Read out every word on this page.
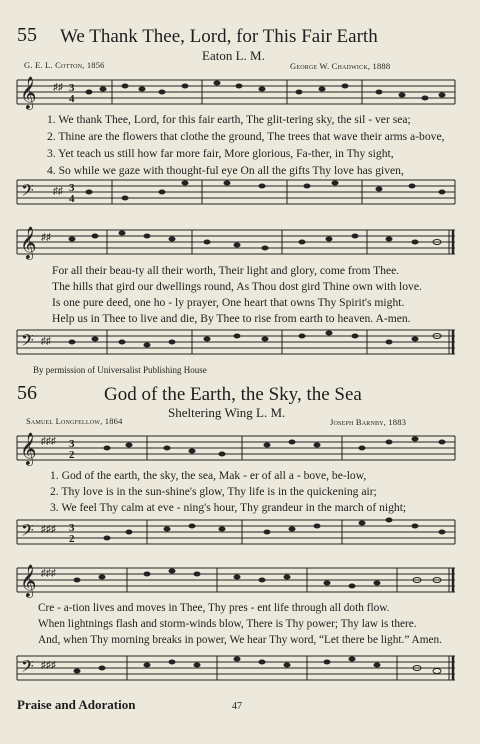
55 We Thank Thee, Lord, for This Fair Earth
Eaton L. M.
G. E. L. Cotton, 1856	George W. Chadwick, 1888
𝄞 ♯♯ 3
4
1. We thank Thee, Lord, for this fair earth, The glit-tering sky, the sil - ver sea;
2. Thine are the flowers that clothe the ground, The trees that wave their arms a-bove,
3. Yet teach us still how far more fair, More glorious, Fa-ther, in Thy sight,
4. So while we gaze with thought-ful eye On all the gifts Thy love has given,
𝄢 ♯♯ 3
4
𝄞 ♯♯
For all their beau-ty all their worth, Their light and glory, come from Thee.
The hills that gird our dwellings round, As Thou dost gird Thine own with love.
Is one pure deed, one ho - ly prayer, One heart that owns Thy Spirit's might.
Help us in Thee to live and die, By Thee to rise from earth to heaven. A-men.
𝄢 ♯♯
By permission of Universalist Publishing House
56	God of the Earth, the Sky, the Sea
Sheltering Wing L. M.
Samuel Longfellow, 1864	Joseph Barnby, 1883
𝄞 ♯♯♯ 3
2
1. God of the earth, the sky, the sea, Mak - er of all a - bove, be-low,
2. Thy love is in the sun-shine's glow, Thy life is in the quickening air;
3. We feel Thy calm at eve - ning's hour, Thy grandeur in the march of night;
𝄢 ♯♯♯ 3
2
𝄞 ♯♯♯
Cre - a-tion lives and moves in Thee, Thy pres - ent life through all doth flow.
When lightnings flash and storm-winds blow, There is Thy power; Thy law is there.
And, when Thy morning breaks in power, We hear Thy word, “Let there be light.” Amen.
𝄢 ♯♯♯
Praise and Adoration	47
